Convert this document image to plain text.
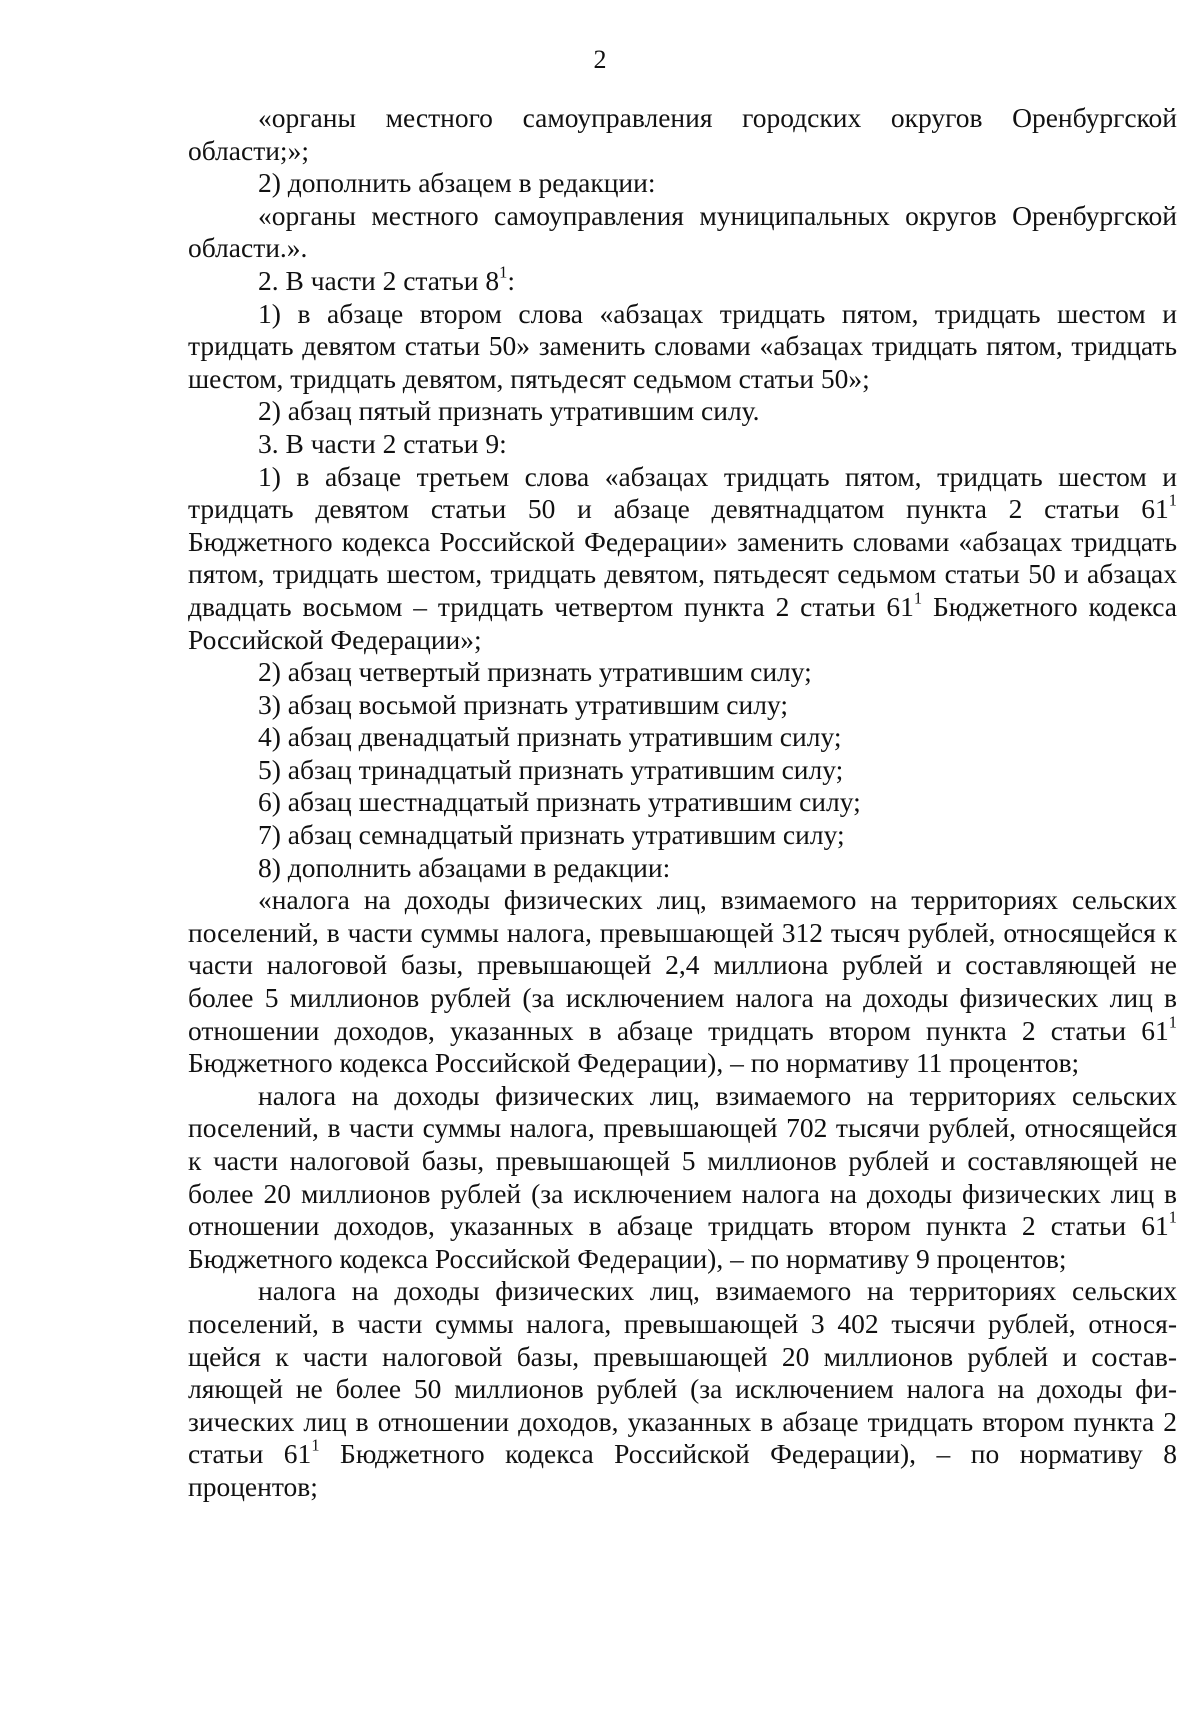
2

«органы местного самоуправления городских округов Оренбургской области;»;

2) дополнить абзацем в редакции:

«органы местного самоуправления муниципальных округов Оренбургской области.».

2. В части 2 статьи $8^1$:

1) в абзаце втором слова «абзацах тридцать пятом, тридцать шестом и тридцать девятом статьи 50» заменить словами «абзацах тридцать пятом, тридцать шестом, тридцать девятом, пятьдесят седьмом статьи 50»;

2) абзац пятый признать утратившим силу.

3. В части 2 статьи 9:

1) в абзаце третьем слова «абзацах тридцать пятом, тридцать шестом и тридцать девятом статьи 50 и абзаце девятнадцатом пункта 2 статьи $61^1$ Бюджетного кодекса Российской Федерации» заменить словами «абзацах тридцать пятом, тридцать шестом, тридцать девятом, пятьдесят седьмом статьи 50 и абзацах двадцать восьмом – тридцать четвертом пункта 2 статьи $61^1$ Бюджетного кодекса Российской Федерации»;

2) абзац четвертый признать утратившим силу;

3) абзац восьмой признать утратившим силу;

4) абзац двенадцатый признать утратившим силу;

5) абзац тринадцатый признать утратившим силу;

6) абзац шестнадцатый признать утратившим силу;

7) абзац семнадцатый признать утратившим силу;

8) дополнить абзацами в редакции:

«налога на доходы физических лиц, взимаемого на территориях сельских поселений, в части суммы налога, превышающей 312 тысяч рублей, относящейся к части налоговой базы, превышающей 2,4 миллиона рублей и составляющей не более 5 миллионов рублей (за исключением налога на доходы физических лиц в отношении доходов, указанных в абзаце тридцать втором пункта 2 статьи $61^1$ Бюджетного кодекса Российской Федерации), – по нормативу 11 процентов;

налога на доходы физических лиц, взимаемого на территориях сельских поселений, в части суммы налога, превышающей 702 тысячи рублей, относящейся к части налоговой базы, превышающей 5 миллионов рублей и составляющей не более 20 миллионов рублей (за исключением налога на доходы физических лиц в отношении доходов, указанных в абзаце тридцать втором пункта 2 статьи $61^1$ Бюджетного кодекса Российской Федерации), – по нормативу 9 процентов;

налога на доходы физических лиц, взимаемого на территориях сельских поселений, в части суммы налога, превышающей 3 402 тысячи рублей, относящейся к части налоговой базы, превышающей 20 миллионов рублей и составляющей не более 50 миллионов рублей (за исключением налога на доходы физических лиц в отношении доходов, указанных в абзаце тридцать втором пункта 2 статьи $61^1$ Бюджетного кодекса Российской Федерации), – по нормативу 8 процентов;
